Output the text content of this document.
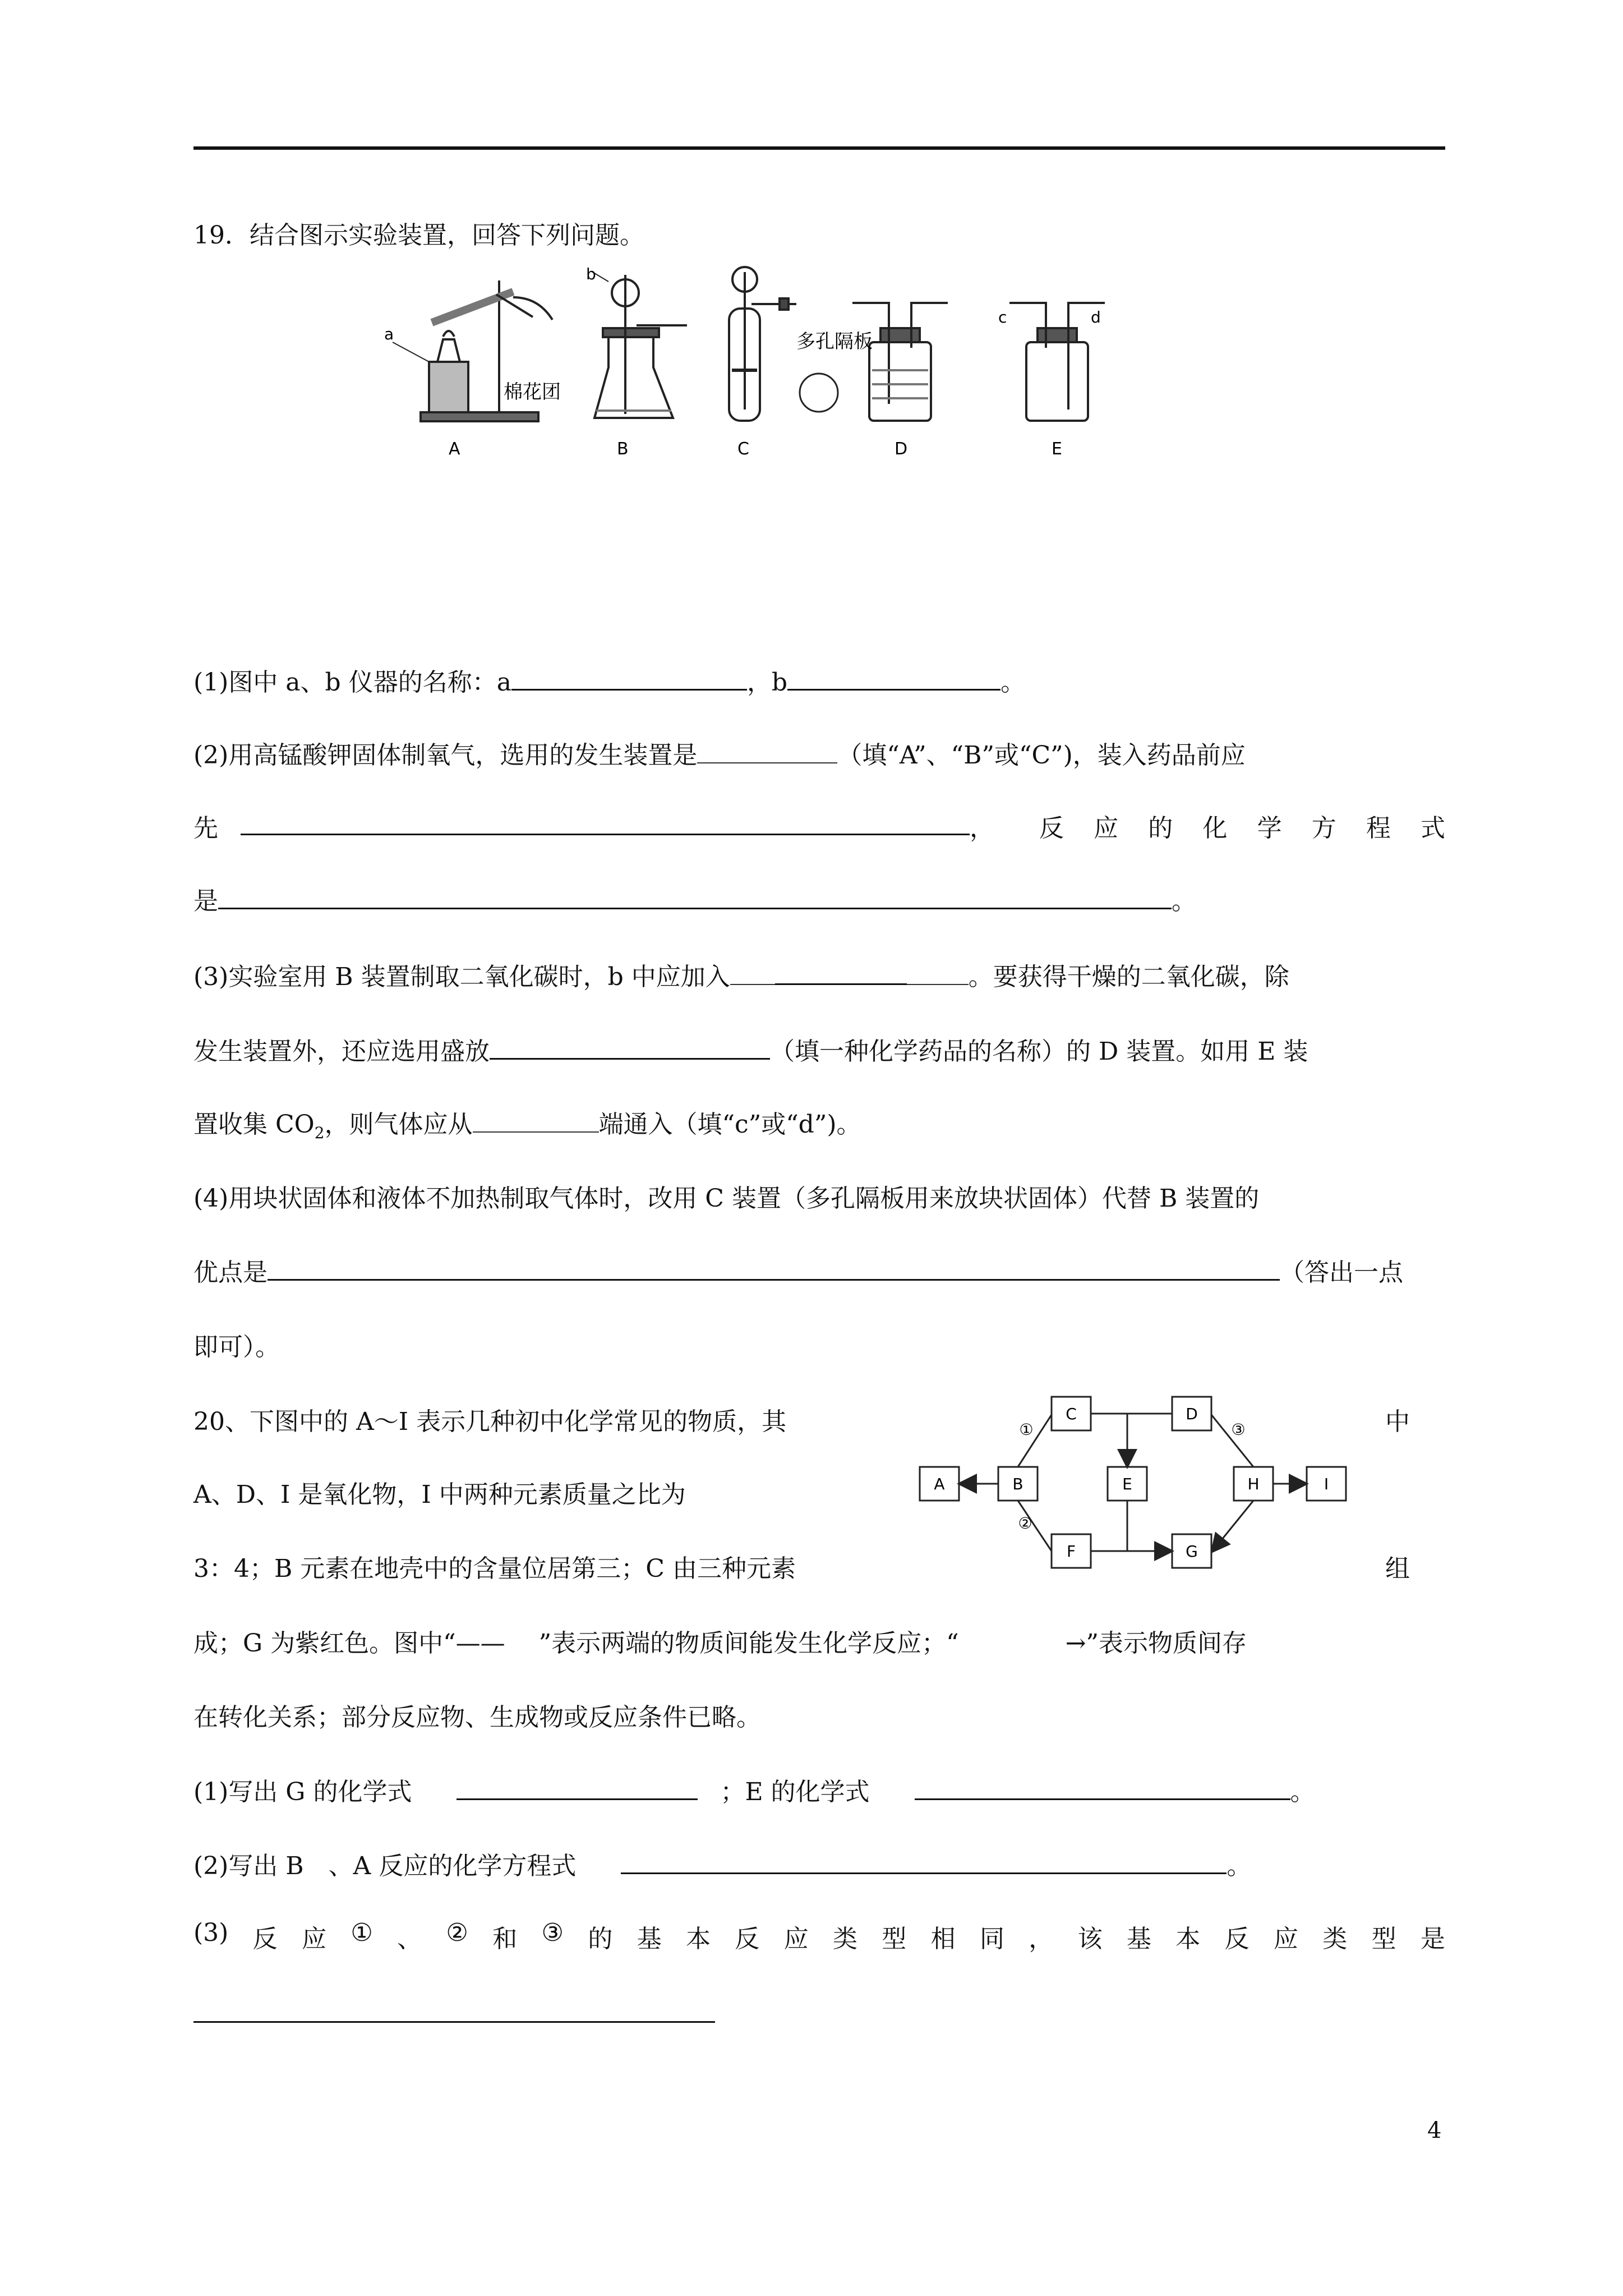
19．结合图示实验装置，回答下列问题。
a
b
多孔隔板
棉花团
c	d
A	B	C	D	E
(1)图中 a、b 仪器的名称：a	，b	。
(2)用高锰酸钾固体制氧气，选用的发生装置是	（填“A”、“B”或“C”)，装入药品前应
先	， 反 应 的 化 学 方 程 式
是	。
(3)实验室用 B 装置制取二氧化碳时，b 中应加入	。要获得干燥的二氧化碳，除
发生装置外，还应选用盛放	（填一种化学药品的名称）的 D 装置。如用 E 装
置收集 $CO_2$，则气体应从	端通入（填“c”或“d”)。
(4)用块状固体和液体不加热制取气体时，改用 C 装置（多孔隔板用来放块状固体）代替 B 装置的
优点是	（答出一点
即可）。
20、下图中的 A～I 表示几种初中化学常见的物质，其	中
A、D、I 是氧化物，I 中两种元素质量之比为
3：4；B 元素在地壳中的含量位居第三；C 由三种元素	组
成；G 为紫红色。图中“—— ”表示两端的物质间能发生化学反应；“	→”表示物质间存
在转化关系；部分反应物、生成物或反应条件已略。
A	B
C	D
E
F	G
H	I
①
②
③
(1)写出 G 的化学式	；E 的化学式	。
(2)写出 B　、A 反应的化学方程式	。
(3) 反 应 ① 、 ② 和 ③ 的 基 本 反 应 类 型 相 同 ， 该 基 本 反 应 类 型 是
4
